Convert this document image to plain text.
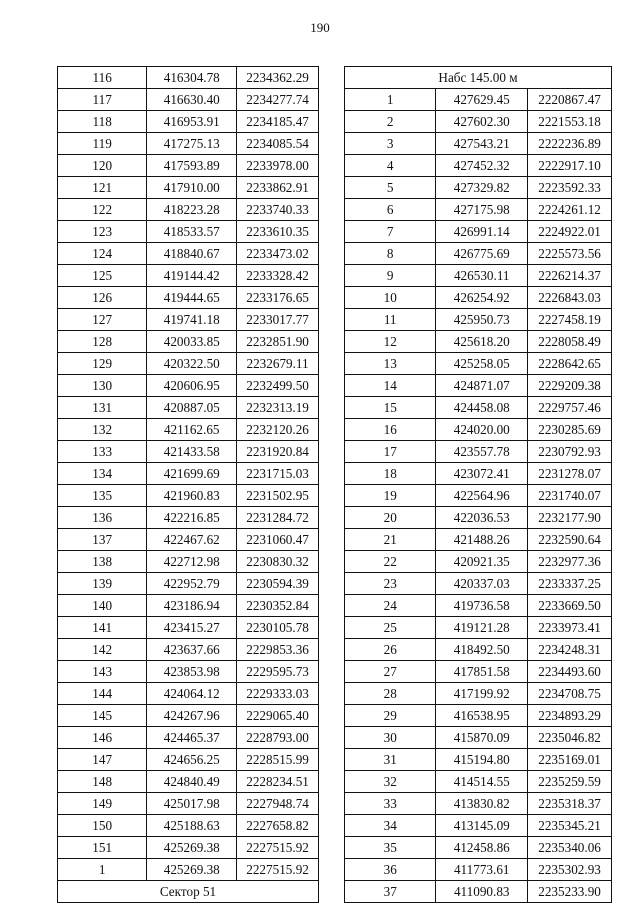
190
116	416304.78	2234362.29
117	416630.40	2234277.74
118	416953.91	2234185.47
119	417275.13	2234085.54
120	417593.89	2233978.00
121	417910.00	2233862.91
122	418223.28	2233740.33
123	418533.57	2233610.35
124	418840.67	2233473.02
125	419144.42	2233328.42
126	419444.65	2233176.65
127	419741.18	2233017.77
128	420033.85	2232851.90
129	420322.50	2232679.11
130	420606.95	2232499.50
131	420887.05	2232313.19
132	421162.65	2232120.26
133	421433.58	2231920.84
134	421699.69	2231715.03
135	421960.83	2231502.95
136	422216.85	2231284.72
137	422467.62	2231060.47
138	422712.98	2230830.32
139	422952.79	2230594.39
140	423186.94	2230352.84
141	423415.27	2230105.78
142	423637.66	2229853.36
143	423853.98	2229595.73
144	424064.12	2229333.03
145	424267.96	2229065.40
146	424465.37	2228793.00
147	424656.25	2228515.99
148	424840.49	2228234.51
149	425017.98	2227948.74
150	425188.63	2227658.82
151	425269.38	2227515.92
1	425269.38	2227515.92
Сектор 51		
Набс 145.00 м		
1	427629.45	2220867.47
2	427602.30	2221553.18
3	427543.21	2222236.89
4	427452.32	2222917.10
5	427329.82	2223592.33
6	427175.98	2224261.12
7	426991.14	2224922.01
8	426775.69	2225573.56
9	426530.11	2226214.37
10	426254.92	2226843.03
11	425950.73	2227458.19
12	425618.20	2228058.49
13	425258.05	2228642.65
14	424871.07	2229209.38
15	424458.08	2229757.46
16	424020.00	2230285.69
17	423557.78	2230792.93
18	423072.41	2231278.07
19	422564.96	2231740.07
20	422036.53	2232177.90
21	421488.26	2232590.64
22	420921.35	2232977.36
23	420337.03	2233337.25
24	419736.58	2233669.50
25	419121.28	2233973.41
26	418492.50	2234248.31
27	417851.58	2234493.60
28	417199.92	2234708.75
29	416538.95	2234893.29
30	415870.09	2235046.82
31	415194.80	2235169.01
32	414514.55	2235259.59
33	413830.82	2235318.37
34	413145.09	2235345.21
35	412458.86	2235340.06
36	411773.61	2235302.93
37	411090.83	2235233.90
